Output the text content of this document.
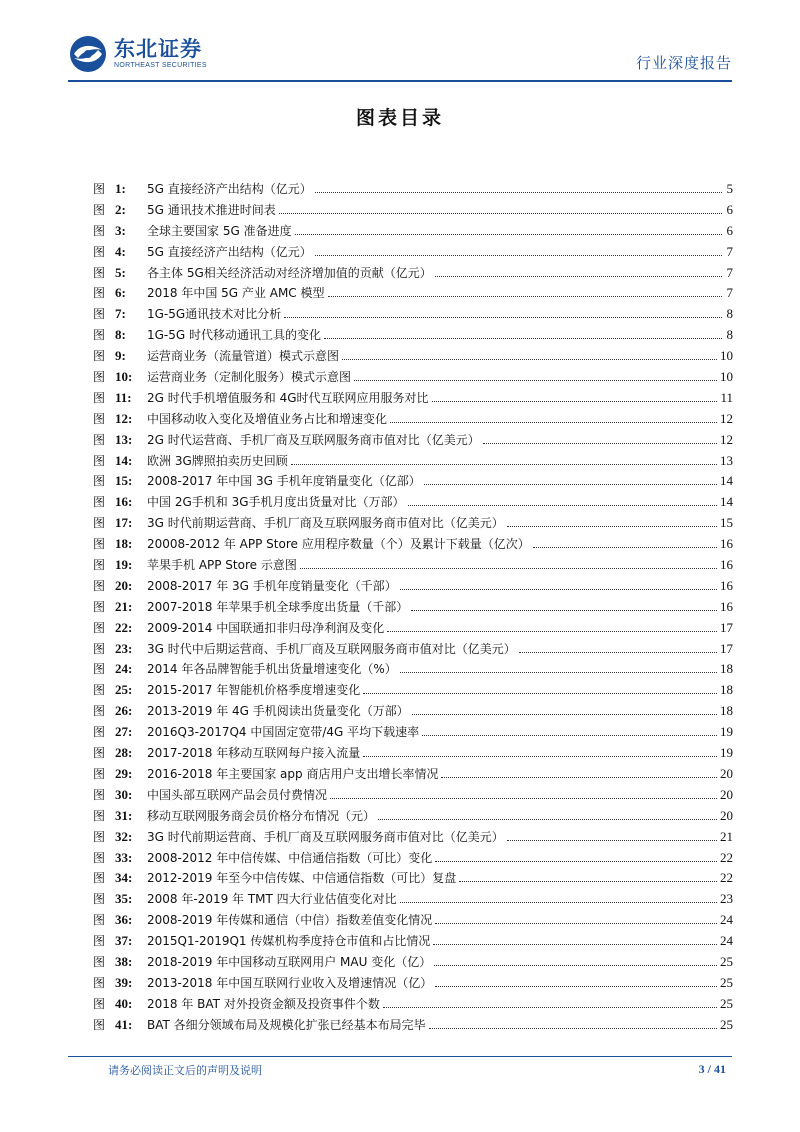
东北证券
NORTHEAST SECURITIES	行业深度报告
图表目录
图 1:	5G 直接经济产出结构（亿元）	5
图 2:	5G 通讯技术推进时间表	6
图 3:	全球主要国家 5G 准备进度	6
图 4:	5G 直接经济产出结构（亿元）	7
图 5:	各主体 5G相关经济活动对经济增加值的贡献（亿元）	7
图 6:	2018 年中国 5G 产业 AMC 模型	7
图 7:	1G-5G通讯技术对比分析	8
图 8:	1G-5G 时代移动通讯工具的变化	8
图 9:	运营商业务（流量管道）模式示意图	10
图 10:	运营商业务（定制化服务）模式示意图	10
图 11:	2G 时代手机增值服务和 4G时代互联网应用服务对比	11
图 12:	中国移动收入变化及增值业务占比和增速变化	12
图 13:	2G 时代运营商、手机厂商及互联网服务商市值对比（亿美元）	12
图 14:	欧洲 3G牌照拍卖历史回顾	13
图 15:	2008-2017 年中国 3G 手机年度销量变化（亿部）	14
图 16:	中国 2G手机和 3G手机月度出货量对比（万部）	14
图 17:	3G 时代前期运营商、手机厂商及互联网服务商市值对比（亿美元）	15
图 18:	20008-2012 年 APP Store 应用程序数量（个）及累计下载量（亿次）	16
图 19:	苹果手机 APP Store 示意图	16
图 20:	2008-2017 年 3G 手机年度销量变化（千部）	16
图 21:	2007-2018 年苹果手机全球季度出货量（千部）	16
图 22:	2009-2014 中国联通扣非归母净利润及变化	17
图 23:	3G 时代中后期运营商、手机厂商及互联网服务商市值对比（亿美元）	17
图 24:	2014 年各品牌智能手机出货量增速变化（%）	18
图 25:	2015-2017 年智能机价格季度增速变化	18
图 26:	2013-2019 年 4G 手机阅读出货量变化（万部）	18
图 27:	2016Q3-2017Q4 中国固定宽带/4G 平均下载速率	19
图 28:	2017-2018 年移动互联网每户接入流量	19
图 29:	2016-2018 年主要国家 app 商店用户支出增长率情况	20
图 30:	中国头部互联网产品会员付费情况	20
图 31:	移动互联网服务商会员价格分布情况（元）	20
图 32:	3G 时代前期运营商、手机厂商及互联网服务商市值对比（亿美元）	21
图 33:	2008-2012 年中信传媒、中信通信指数（可比）变化	22
图 34:	2012-2019 年至今中信传媒、中信通信指数（可比）复盘	22
图 35:	2008 年-2019 年 TMT 四大行业估值变化对比	23
图 36:	2008-2019 年传媒和通信（中信）指数差值变化情况	24
图 37:	2015Q1-2019Q1 传媒机构季度持仓市值和占比情况	24
图 38:	2018-2019 年中国移动互联网用户 MAU 变化（亿）	25
图 39:	2013-2018 年中国互联网行业收入及增速情况（亿）	25
图 40:	2018 年 BAT 对外投资金额及投资事件个数	25
图 41:	BAT 各细分领域布局及规模化扩张已经基本布局完毕	25
请务必阅读正文后的声明及说明	3 / 41
